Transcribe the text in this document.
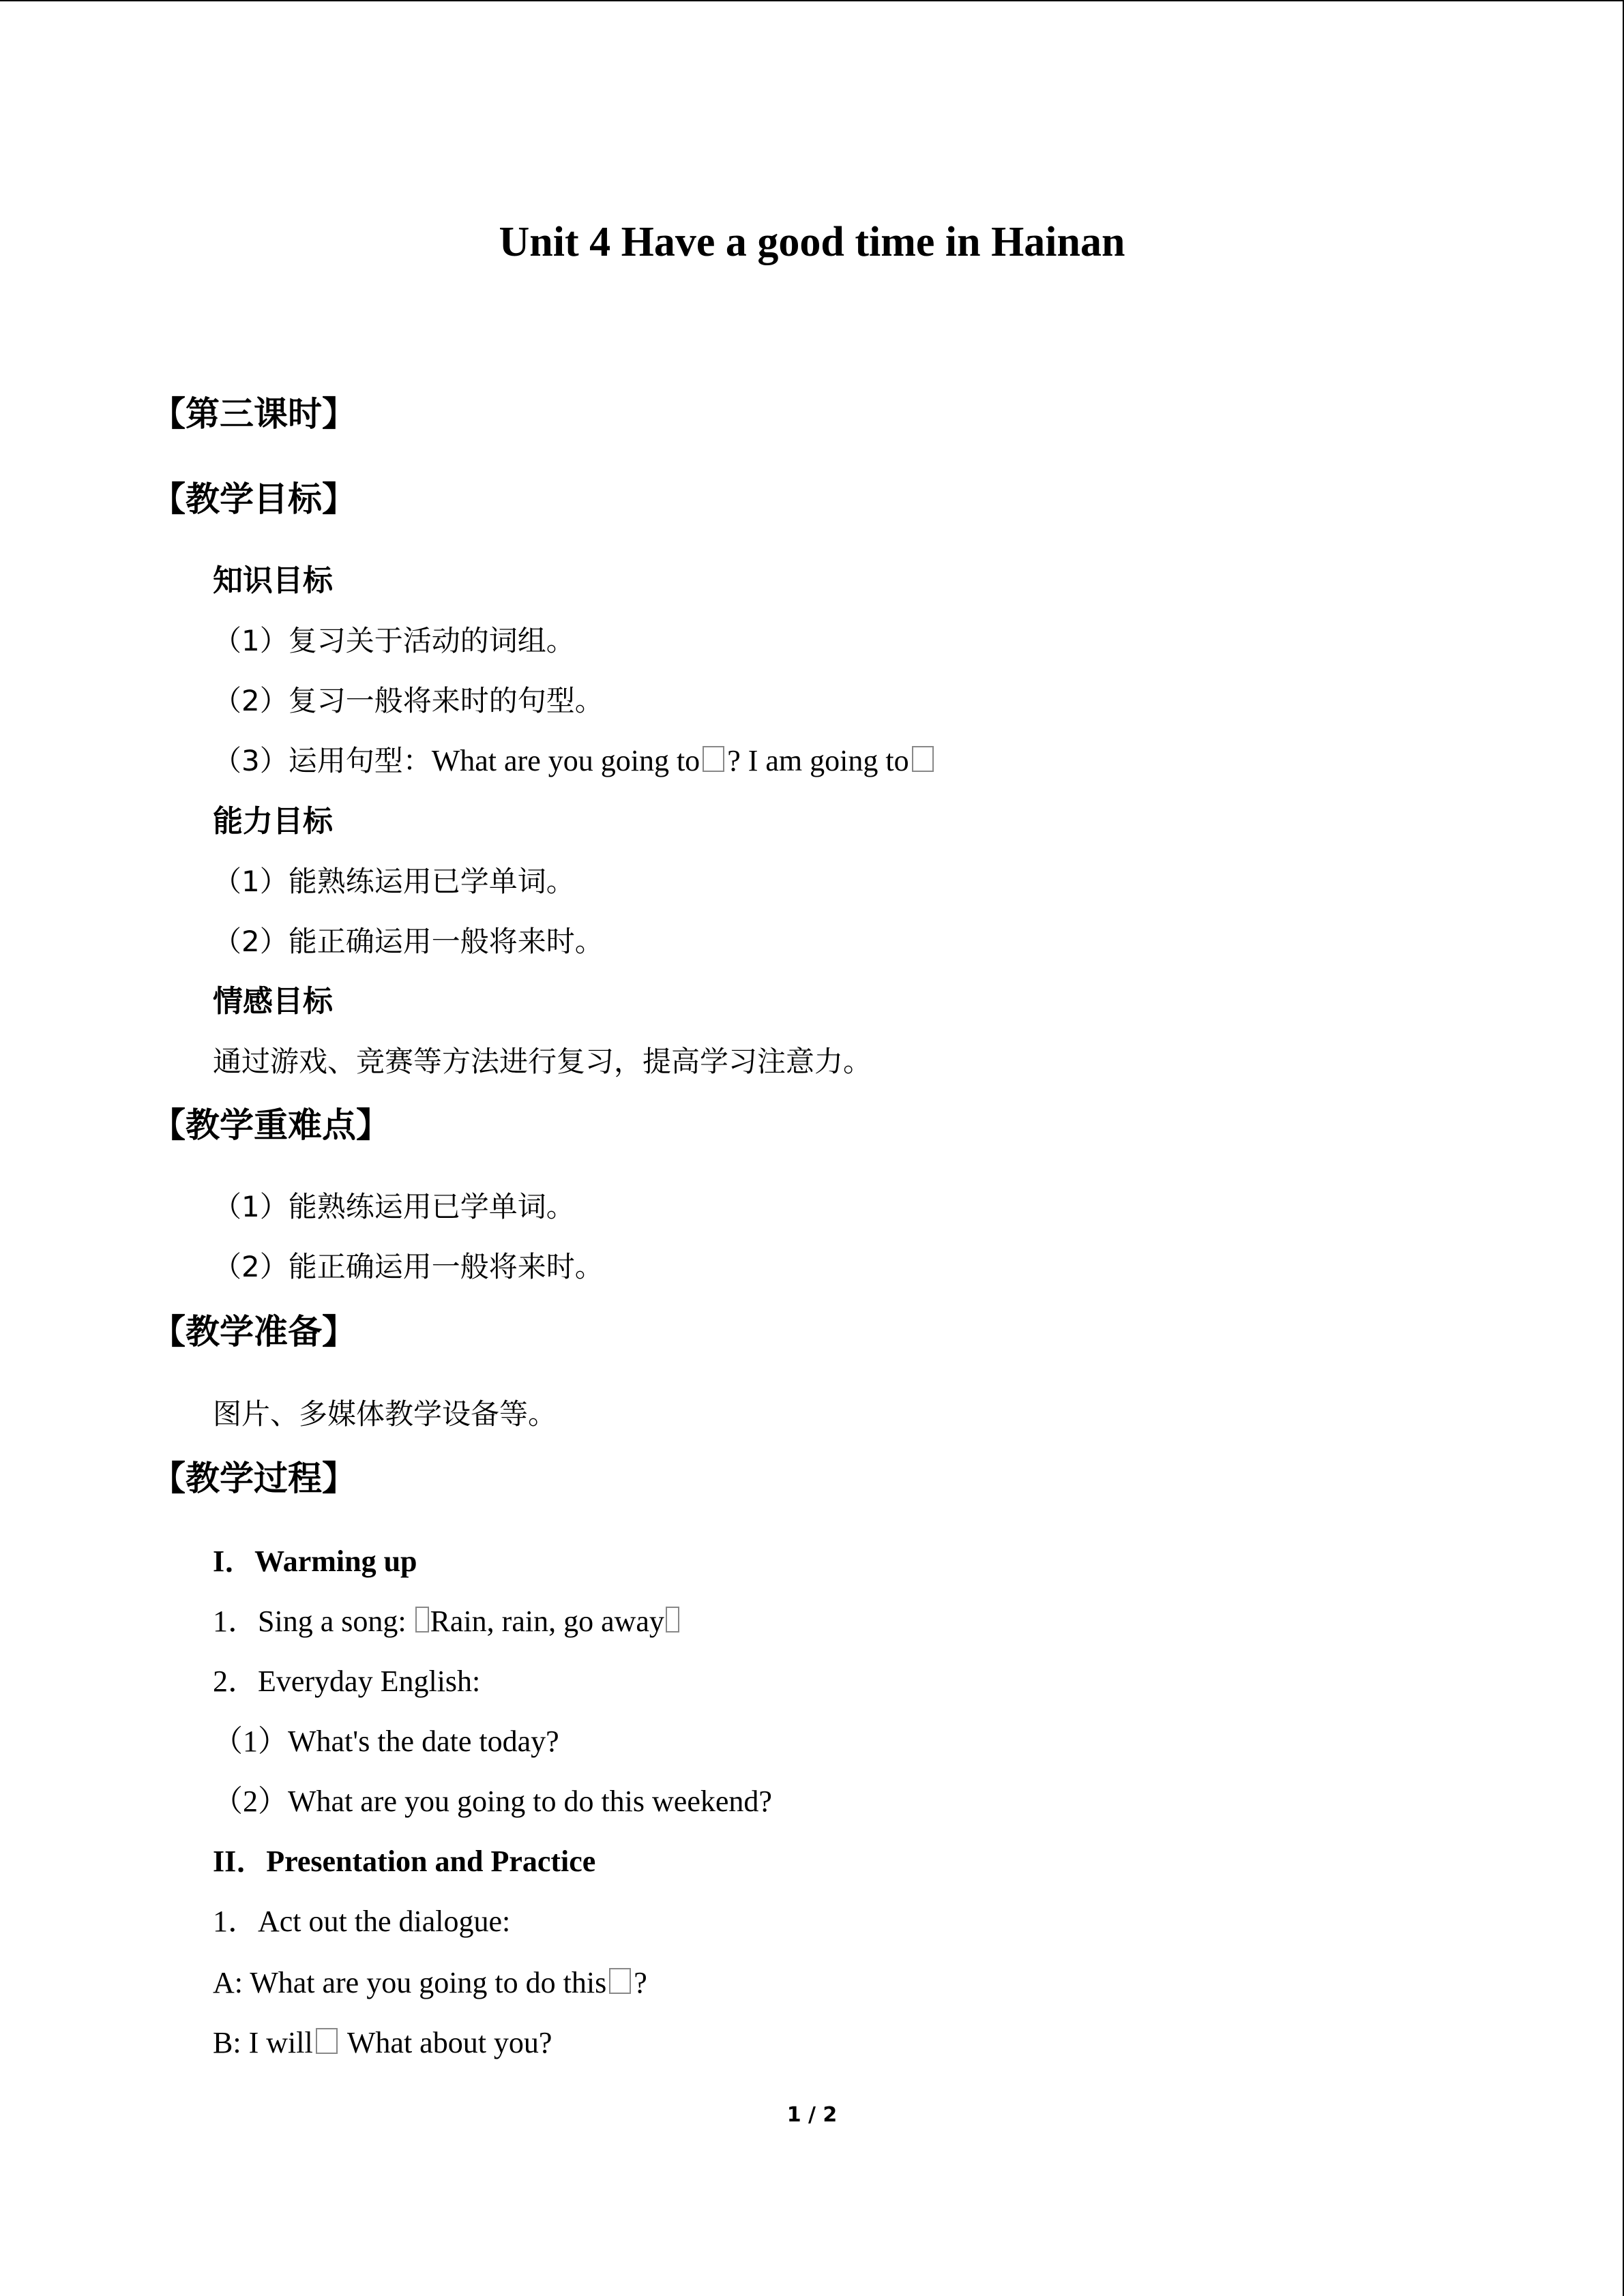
Unit 4 Have a good time in Hainan
【第三课时】
【教学目标】
知识目标
（1）复习关于活动的词组。
（2）复习一般将来时的句型。
（3）运用句型：What are you going to ? I am going to
能力目标
（1）能熟练运用已学单词。
（2）能正确运用一般将来时。
情感目标
通过游戏、竞赛等方法进行复习，提高学习注意力。
【教学重难点】
（1）能熟练运用已学单词。
（2）能正确运用一般将来时。
【教学准备】
图片、多媒体教学设备等。
【教学过程】
I．Warming up
1．Sing a song: Rain, rain, go away
2．Everyday English:
（1）What's the date today?
（2）What are you going to do this weekend?
II．Presentation and Practice
1．Act out the dialogue:
A: What are you going to do this ?
B: I will What about you?
1 / 2
